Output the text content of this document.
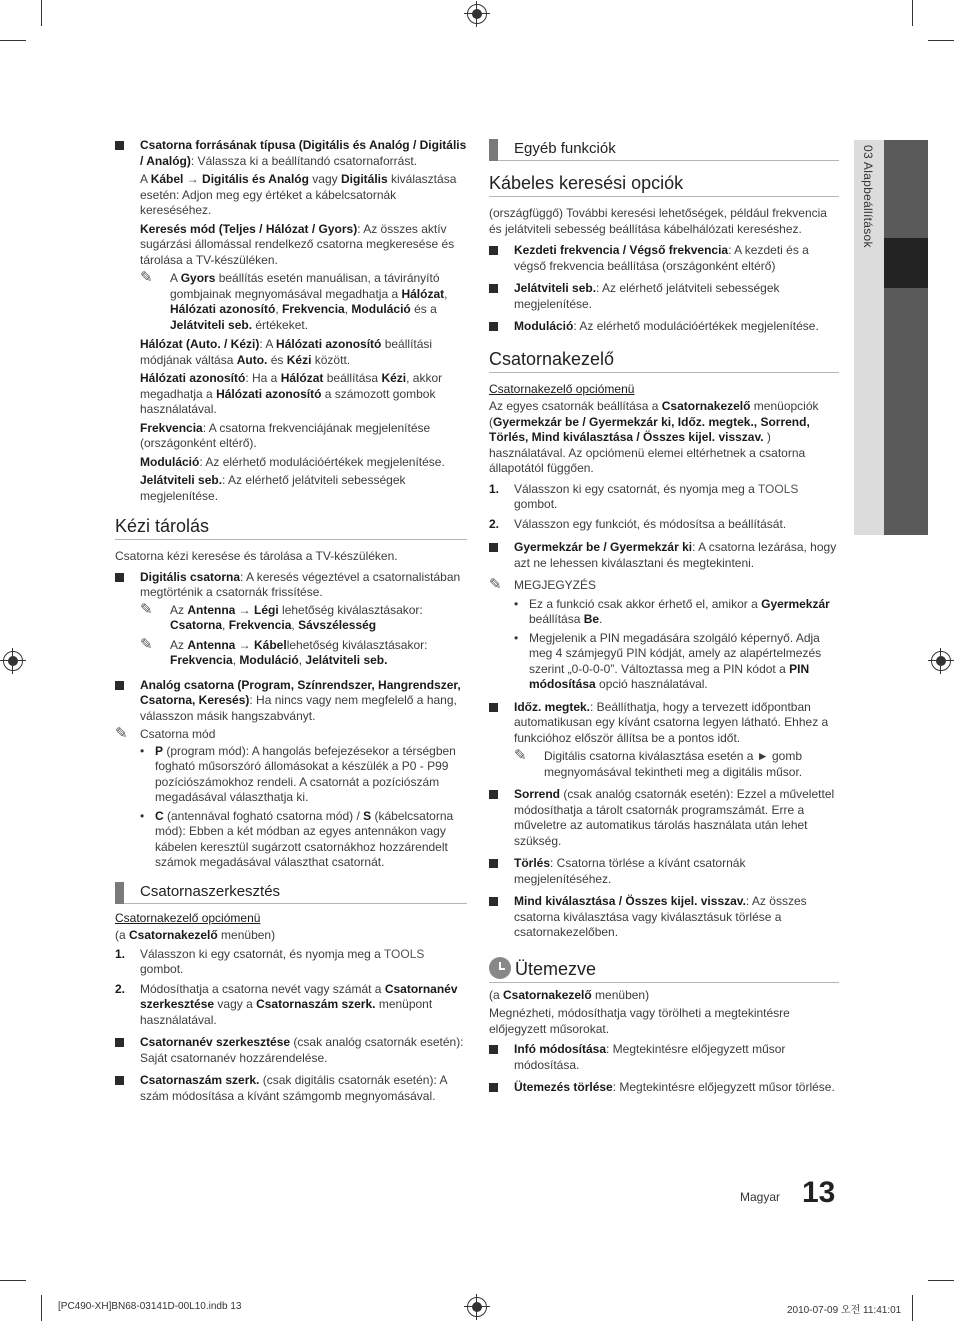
03 Alapbeállítások
Csatorna forrásának típusa (Digitális és Analóg / Digitális / Analóg): Válassza ki a beállítandó csatornaforrást.

A Kábel → Digitális és Analóg vagy Digitális kiválasztása esetén: Adjon meg egy értéket a kábelcsatornák kereséséhez.

Keresés mód (Teljes / Hálózat / Gyors): Az összes aktív sugárzási állomással rendelkező csatorna megkeresése és tárolása a TV-készüléken.

✎ A Gyors beállítás esetén manuálisan, a távirányító gombjainak megnyomásával megadhatja a Hálózat, Hálózati azonosító, Frekvencia, Moduláció és a Jelátviteli seb. értékeket.

Hálózat (Auto. / Kézi): A Hálózati azonosító beállítási módjának váltása Auto. és Kézi között.

Hálózati azonosító: Ha a Hálózat beállítása Kézi, akkor megadhatja a Hálózati azonosító a számozott gombok használatával.

Frekvencia: A csatorna frekvenciájának megjelenítése (országonként eltérő).

Moduláció: Az elérhető modulációértékek megjelenítése.

Jelátviteli seb.: Az elérhető jelátviteli sebességek megjelenítése.

Kézi tárolás

Csatorna kézi keresése és tárolása a TV-készüléken.

Digitális csatorna: A keresés végeztével a csatornalistában megtörténik a csatornák frissítése.
✎ Az Antenna → Légi lehetőség kiválasztásakor: Csatorna, Frekvencia, Sávszélesség
✎ Az Antenna → Kábellehetőség kiválasztásakor: Frekvencia, Moduláció, Jelátviteli seb.
Analóg csatorna (Program, Színrendszer, Hangrendszer, Csatorna, Keresés): Ha nincs vagy nem megfelelő a hang, válasszon másik hangszabványt.
✎ Csatorna mód
• P (program mód): A hangolás befejezésekor a térségben fogható műsorszóró állomásokat a készülék a P0 - P99 pozíciószámokhoz rendeli. A csatornát a pozíciószám megadásával választhatja ki.
• C (antennával fogható csatorna mód) / S (kábelcsatorna mód): Ebben a két módban az egyes antennákon vagy kábelen keresztül sugárzott csatornákhoz hozzárendelt számok megadásával választhat csatornát.
Csatornaszerkesztés

Csatornakezelő opciómenü

(a Csatornakezelő menüben)

1. Válasszon ki egy csatornát, és nyomja meg a TOOLS gombot.
2. Módosíthatja a csatorna nevét vagy számát a Csatornanév szerkesztése vagy a Csatornaszám szerk. menüpont használatával.
Csatornanév szerkesztése (csak analóg csatornák esetén): Saját csatornanév hozzárendelése.
Csatornaszám szerk. (csak digitális csatornák esetén): A szám módosítása a kívánt számgomb megnyomásával.
Egyéb funkciók
Kábeles keresési opciók

(országfüggő) További keresési lehetőségek, például frekvencia és jelátviteli sebesség beállítása kábelhálózati kereséshez.

Kezdeti frekvencia / Végső frekvencia: A kezdeti és a végső frekvencia beállítása (országonként eltérő)
Jelátviteli seb.: Az elérhető jelátviteli sebességek megjelenítése.
Moduláció: Az elérhető modulációértékek megjelenítése.
Csatornakezelő

Csatornakezelő opciómenü

Az egyes csatornák beállítása a Csatornakezelő menüopciók (Gyermekzár be / Gyermekzár ki, Időz. megtek., Sorrend, Törlés, Mind kiválasztása / Összes kijel. visszav. ) használatával. Az opciómenü elemei eltérhetnek a csatorna állapotától függően.

1. Válasszon ki egy csatornát, és nyomja meg a TOOLS gombot.
2. Válasszon egy funkciót, és módosítsa a beállítását.
Gyermekzár be / Gyermekzár ki: A csatorna lezárása, hogy azt ne lehessen kiválasztani és megtekinteni.
✎ MEGJEGYZÉS
• Ez a funkció csak akkor érhető el, amikor a Gyermekzár beállítása Be.
• Megjelenik a PIN megadására szolgáló képernyő. Adja meg 4 számjegyű PIN kódját, amely az alapértelmezés szerint „0-0-0-0”. Változtassa meg a PIN kódot a PIN módosítása opció használatával.
Időz. megtek.: Beállíthatja, hogy a tervezett időpontban automatikusan egy kívánt csatorna legyen látható. Ehhez a funkcióhoz először állítsa be a pontos időt.
✎ Digitális csatorna kiválasztása esetén a ► gomb megnyomásával tekintheti meg a digitális műsor.
Sorrend (csak analóg csatornák esetén): Ezzel a művelettel módosíthatja a tárolt csatornák programszámát. Erre a műveletre az automatikus tárolás használata után lehet szükség.
Törlés: Csatorna törlése a kívánt csatornák megjelenítéséhez.
Mind kiválasztása / Összes kijel. visszav.: Az összes csatorna kiválasztása vagy kiválasztásuk törlése a csatornakezelőben.
Ütemezve

(a Csatornakezelő menüben)

Megnézheti, módosíthatja vagy törölheti a megtekintésre előjegyzett műsorokat.

Infó módosítása: Megtekintésre előjegyzett műsor módosítása.
Ütemezés törlése: Megtekintésre előjegyzett műsor törlése.
Magyar 13
[PC490-XH]BN68-03141D-00L10.indb 13	2010-07-09 오전 11:41:01
